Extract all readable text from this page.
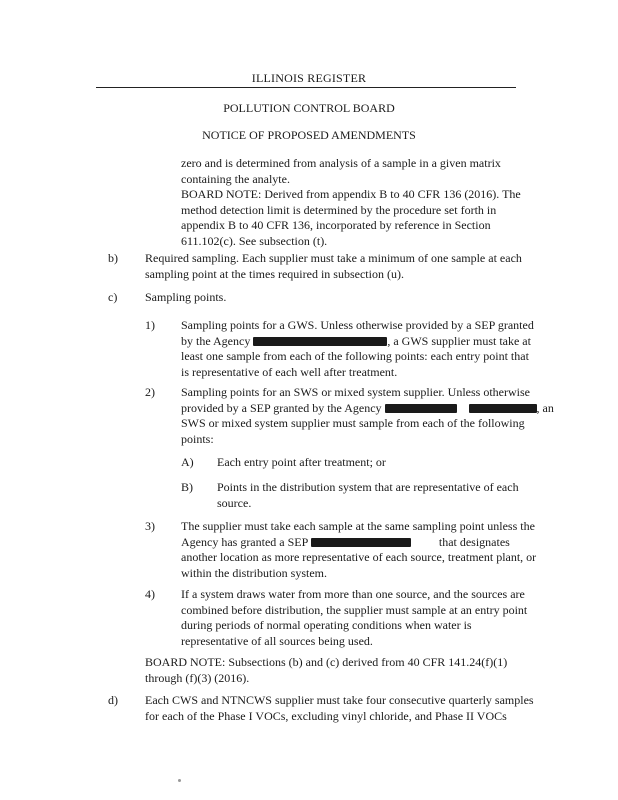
ILLINOIS REGISTER
POLLUTION CONTROL BOARD
NOTICE OF PROPOSED AMENDMENTS
zero and is determined from analysis of a sample in a given matrix
containing the analyte.
BOARD NOTE: Derived from appendix B to 40 CFR 136 (2016). The
method detection limit is determined by the procedure set forth in
appendix B to 40 CFR 136, incorporated by reference in Section
611.102(c). See subsection (t).
b) Required sampling. Each supplier must take a minimum of one sample at each
sampling point at the times required in subsection (u).
c) Sampling points.
1) Sampling points for a GWS. Unless otherwise provided by a SEP granted
by the Agency	, a GWS supplier must take at
least one sample from each of the following points: each entry point that
is representative of each well after treatment.
2) Sampling points for an SWS or mixed system supplier. Unless otherwise
provided by a SEP granted by the Agency	, an
SWS or mixed system supplier must sample from each of the following
points:
A) Each entry point after treatment; or
B) Points in the distribution system that are representative of each
source.
3) The supplier must take each sample at the same sampling point unless the
Agency has granted a SEP	that designates
another location as more representative of each source, treatment plant, or
within the distribution system.
4) If a system draws water from more than one source, and the sources are
combined before distribution, the supplier must sample at an entry point
during periods of normal operating conditions when water is
representative of all sources being used.
BOARD NOTE: Subsections (b) and (c) derived from 40 CFR 141.24(f)(1)
through (f)(3) (2016).
d) Each CWS and NTNCWS supplier must take four consecutive quarterly samples
for each of the Phase I VOCs, excluding vinyl chloride, and Phase II VOCs
